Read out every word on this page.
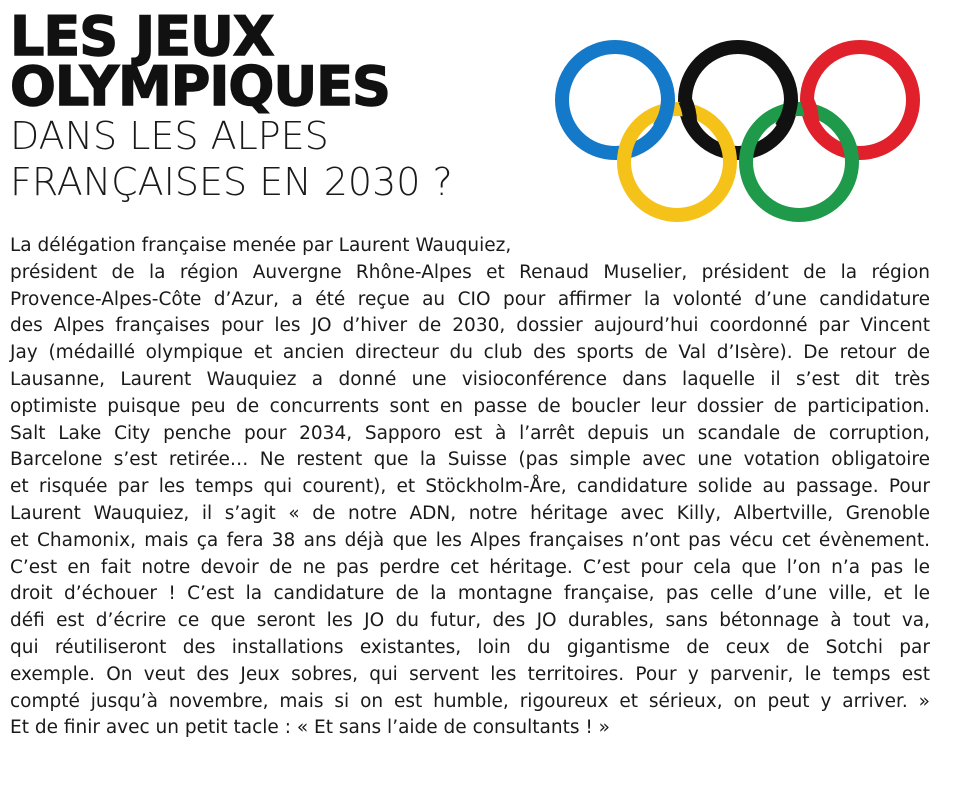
LES JEUX
OLYMPIQUES
DANS LES ALPES
FRANÇAISES EN 2030 ?
La délégation française menée par Laurent Wauquiez,
président de la région Auvergne Rhône-Alpes et Renaud Muselier, président de la région
Provence-Alpes-Côte d’Azur, a été reçue au CIO pour affirmer la volonté d’une candidature
des Alpes françaises pour les JO d’hiver de 2030, dossier aujourd’hui coordonné par Vincent
Jay (médaillé olympique et ancien directeur du club des sports de Val d’Isère). De retour de
Lausanne, Laurent Wauquiez a donné une visioconférence dans laquelle il s’est dit très
optimiste puisque peu de concurrents sont en passe de boucler leur dossier de participation.
Salt Lake City penche pour 2034, Sapporo est à l’arrêt depuis un scandale de corruption,
Barcelone s’est retirée… Ne restent que la Suisse (pas simple avec une votation obligatoire
et risquée par les temps qui courent), et Stöckholm-Åre, candidature solide au passage. Pour
Laurent Wauquiez, il s’agit « de notre ADN, notre héritage avec Killy, Albertville, Grenoble
et Chamonix, mais ça fera 38 ans déjà que les Alpes françaises n’ont pas vécu cet évènement.
C’est en fait notre devoir de ne pas perdre cet héritage. C’est pour cela que l’on n’a pas le
droit d’échouer ! C’est la candidature de la montagne française, pas celle d’une ville, et le
défi est d’écrire ce que seront les JO du futur, des JO durables, sans bétonnage à tout va,
qui réutiliseront des installations existantes, loin du gigantisme de ceux de Sotchi par
exemple. On veut des Jeux sobres, qui servent les territoires. Pour y parvenir, le temps est
compté jusqu’à novembre, mais si on est humble, rigoureux et sérieux, on peut y arriver. »
Et de finir avec un petit tacle : « Et sans l’aide de consultants ! »
